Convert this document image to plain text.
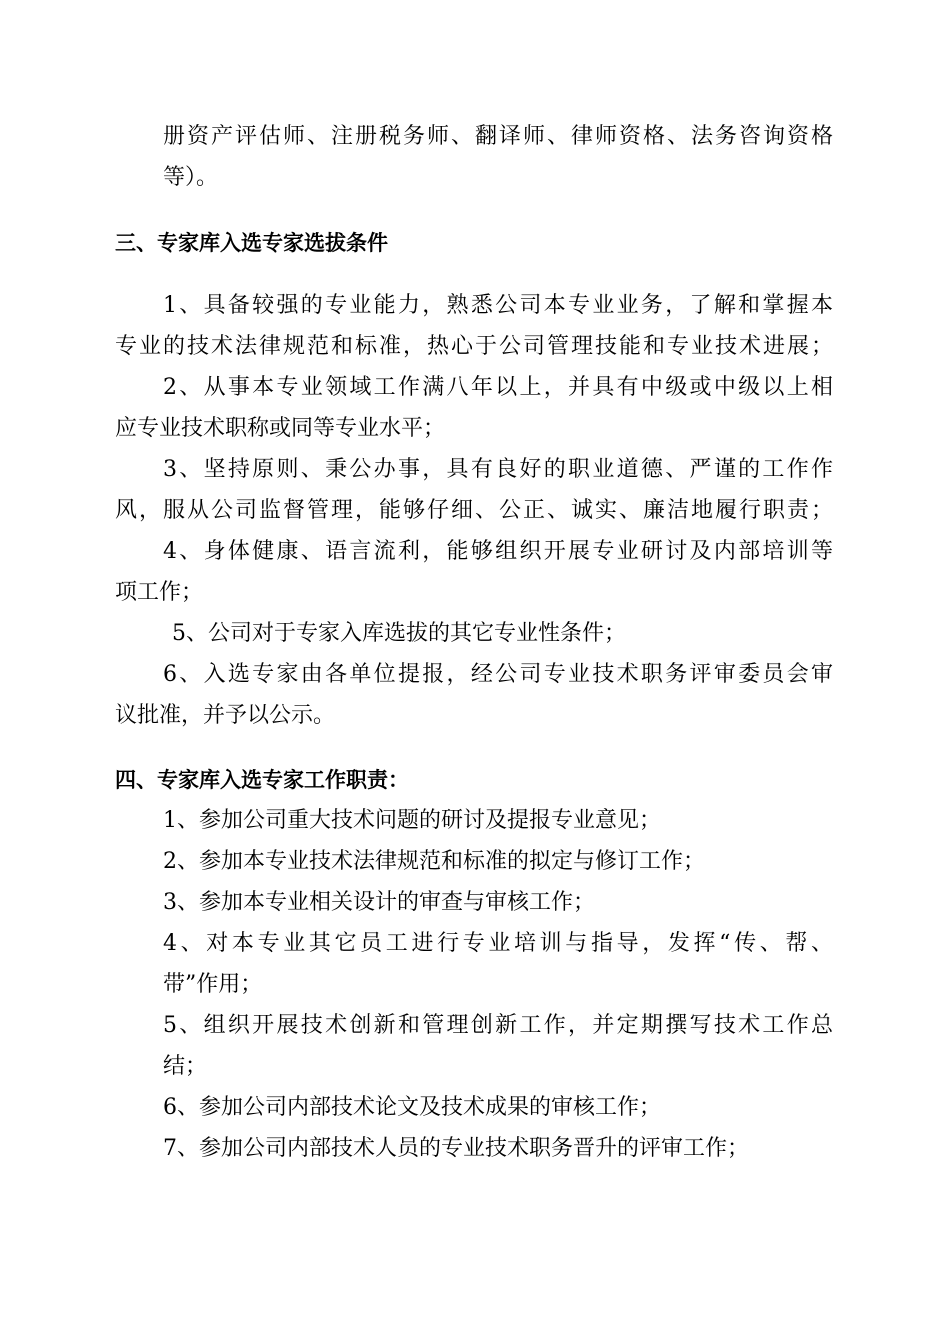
册资产评估师、注册税务师、翻译师、律师资格、法务咨询资格
等）。
三、专家库入选专家选拔条件
1、具备较强的专业能力，熟悉公司本专业业务，了解和掌握本
专业的技术法律规范和标准，热心于公司管理技能和专业技术进展；
2、从事本专业领域工作满八年以上，并具有中级或中级以上相
应专业技术职称或同等专业水平；
3、坚持原则、秉公办事，具有良好的职业道德、严谨的工作作
风，服从公司监督管理，能够仔细、公正、诚实、廉洁地履行职责；
4、身体健康、语言流利，能够组织开展专业研讨及内部培训等
项工作；
5、公司对于专家入库选拔的其它专业性条件；
6、入选专家由各单位提报，经公司专业技术职务评审委员会审
议批准，并予以公示。
四、专家库入选专家工作职责：
1、参加公司重大技术问题的研讨及提报专业意见；
2、参加本专业技术法律规范和标准的拟定与修订工作；
3、参加本专业相关设计的审查与审核工作；
4、对本专业其它员工进行专业培训与指导，发挥“传、帮、
带”作用；
5、组织开展技术创新和管理创新工作，并定期撰写技术工作总
结；
6、参加公司内部技术论文及技术成果的审核工作；
7、参加公司内部技术人员的专业技术职务晋升的评审工作；
